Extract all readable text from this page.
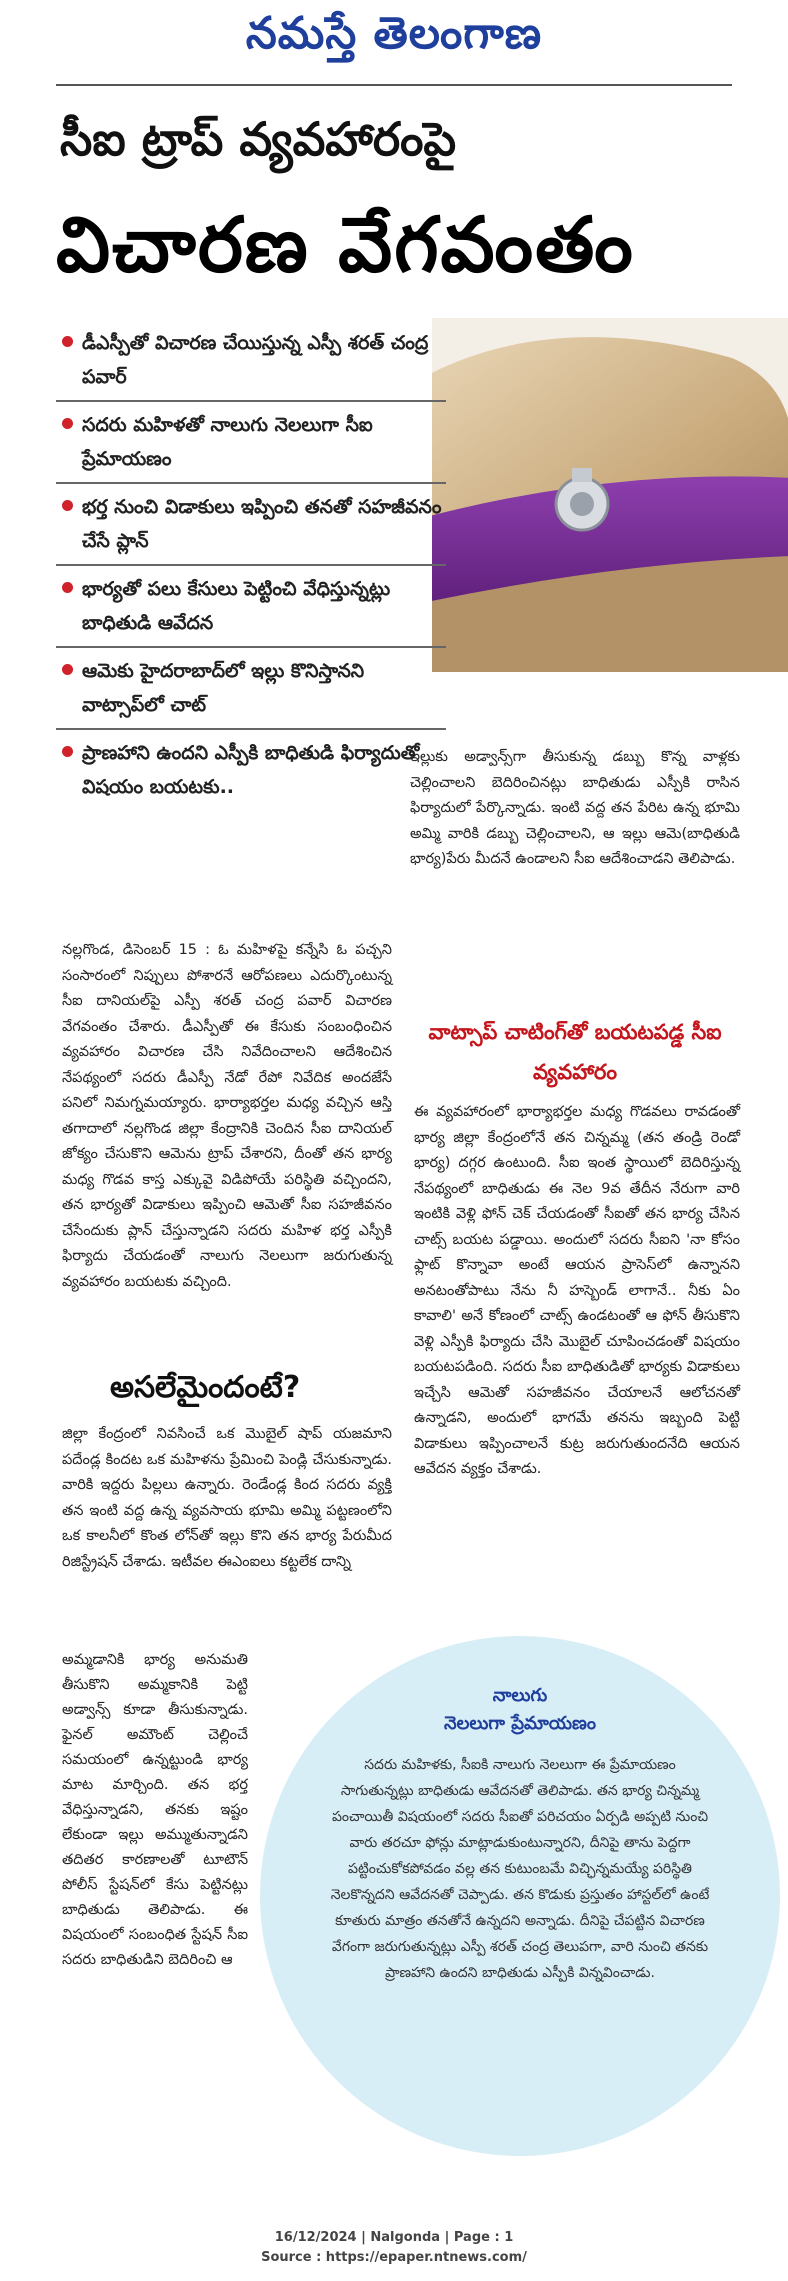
నమస్తే తెలంగాణ
సీఐ ట్రాప్ వ్యవహారంపై
విచారణ వేగవంతం

డీఎస్పీతో విచారణ చేయిస్తున్న ఎస్పీ శరత్ చంద్ర పవార్

సదరు మహిళతో నాలుగు నెలలుగా సీఐ ప్రేమాయణం

భర్త నుంచి విడాకులు ఇప్పించి తనతో సహజీవనం చేసే ప్లాన్

భార్యతో పలు కేసులు పెట్టించి వేధిస్తున్నట్లు బాధితుడి ఆవేదన

ఆమెకు హైదరాబాద్‌లో ఇల్లు కొనిస్తానని వాట్సాప్‌లో చాట్

ప్రాణహాని ఉందని ఎస్పీకి బాధితుడి ఫిర్యాదుతో విషయం బయటకు..

ఇల్లుకు అడ్వాన్స్‌గా తీసుకున్న డబ్బు కొన్న వాళ్లకు చెల్లించాలని బెదిరించినట్లు బాధితుడు ఎస్పీకి రాసిన ఫిర్యాదులో పేర్కొన్నాడు. ఇంటి వద్ద తన పేరిట ఉన్న భూమి అమ్మి వారికి డబ్బు చెల్లించాలని, ఆ ఇల్లు ఆమె(బాధితుడి భార్య)పేరు మీదనే ఉండాలని సీఐ ఆదేశించాడని తెలిపాడు.
వాట్సాప్ చాటింగ్‌తో బయటపడ్డ సీఐ వ్యవహారం
ఈ వ్యవహారంలో భార్యాభర్తల మధ్య గొడవలు రావడంతో భార్య జిల్లా కేంద్రంలోనే తన చిన్నమ్మ (తన తండ్రి రెండో భార్య) దగ్గర ఉంటుంది. సీఐ ఇంత స్థాయిలో బెదిరిస్తున్న నేపథ్యంలో బాధితుడు ఈ నెల 9వ తేదీన నేరుగా వారి ఇంటికి వెళ్లి ఫోన్ చెక్ చేయడంతో సీఐతో తన భార్య చేసిన చాట్స్ బయట పడ్డాయి. అందులో సదరు సీఐని 'నా కోసం ఫ్లాట్ కొన్నావా అంటే ఆయన ప్రాసెస్‌లో ఉన్నానని అనటంతోపాటు నేను నీ హస్బెండ్ లాగానే.. నీకు ఏం కావాలి' అనే కోణంలో చాట్స్ ఉండటంతో ఆ ఫోన్ తీసుకొని వెళ్లి ఎస్పీకి ఫిర్యాదు చేసి మొబైల్ చూపించడంతో విషయం బయటపడింది. సదరు సీఐ బాధితుడితో భార్యకు విడాకులు ఇచ్చేసి ఆమెతో సహజీవనం చేయాలనే ఆలోచనతో ఉన్నాడని, అందులో భాగమే తనను ఇబ్బంది పెట్టి విడాకులు ఇప్పించాలనే కుట్ర జరుగుతుందనేది ఆయన ఆవేదన వ్యక్తం చేశాడు.
నల్లగొండ, డిసెంబర్ 15 : ఓ మహిళపై కన్నేసి ఓ పచ్చని సంసారంలో నిప్పులు పోశారనే ఆరోపణలు ఎదుర్కొంటున్న సీఐ దానియల్‌పై ఎస్పీ శరత్ చంద్ర పవార్ విచారణ వేగవంతం చేశారు. డీఎస్పీతో ఈ కేసుకు సంబంధించిన వ్యవహారం విచారణ చేసి నివేదించాలని ఆదేశించిన నేపథ్యంలో సదరు డీఎస్పీ నేడో రేపో నివేదిక అందజేసే పనిలో నిమగ్నమయ్యారు. భార్యాభర్తల మధ్య వచ్చిన ఆస్తి తగాదాలో నల్లగొండ జిల్లా కేంద్రానికి చెందిన సీఐ దానియల్ జోక్యం చేసుకొని ఆమెను ట్రాప్ చేశారని, దీంతో తన భార్య మధ్య గొడవ కాస్త ఎక్కువై విడిపోయే పరిస్థితి వచ్చిందని, తన భార్యతో విడాకులు ఇప్పించి ఆమెతో సీఐ సహజీవనం చేసేందుకు ప్లాన్ చేస్తున్నాడని సదరు మహిళ భర్త ఎస్పీకి ఫిర్యాదు చేయడంతో నాలుగు నెలలుగా జరుగుతున్న వ్యవహారం బయటకు వచ్చింది.
అసలేమైందంటే?
జిల్లా కేంద్రంలో నివసించే ఒక మొబైల్ షాప్ యజమాని పదేండ్ల కిందట ఒక మహిళను ప్రేమించి పెండ్లి చేసుకున్నాడు. వారికి ఇద్దరు పిల్లలు ఉన్నారు. రెండేండ్ల కింద సదరు వ్యక్తి తన ఇంటి వద్ద ఉన్న వ్యవసాయ భూమి అమ్మి పట్టణంలోని ఒక కాలనీలో కొంత లోన్‌తో ఇల్లు కొని తన భార్య పేరుమీద రిజిస్ట్రేషన్ చేశాడు. ఇటీవల ఈఎంఐలు కట్టలేక దాన్ని
అమ్మడానికి భార్య అనుమతి తీసుకొని అమ్మకానికి పెట్టి అడ్వాన్స్ కూడా తీసుకున్నాడు. ఫైనల్ అమౌంట్ చెల్లించే సమయంలో ఉన్నట్టుండి భార్య మాట మార్చింది. తన భర్త వేధిస్తున్నాడని, తనకు ఇష్టం లేకుండా ఇల్లు అమ్ముతున్నాడని తదితర కారణాలతో టూటౌన్ పోలీస్ స్టేషన్‌లో కేసు పెట్టినట్లు బాధితుడు తెలిపాడు. ఈ విషయంలో సంబంధిత స్టేషన్ సీఐ సదరు బాధితుడిని బెదిరించి ఆ
నాలుగు
నెలలుగా ప్రేమాయణం
సదరు మహిళకు, సీఐకి నాలుగు నెలలుగా ఈ ప్రేమాయణం సాగుతున్నట్లు బాధితుడు ఆవేదనతో తెలిపాడు. తన భార్య చిన్నమ్మ పంచాయితీ విషయంలో సదరు సీఐతో పరిచయం ఏర్పడి అప్పటి నుంచి వారు తరచూ ఫోన్లు మాట్లాడుకుంటున్నారని, దీనిపై తాను పెద్దగా పట్టించుకోకపోవడం వల్ల తన కుటుంబమే విచ్ఛిన్నమయ్యే పరిస్థితి నెలకొన్నదని ఆవేదనతో చెప్పాడు. తన కొడుకు ప్రస్తుతం హాస్టల్‌లో ఉంటే కూతురు మాత్రం తనతోనే ఉన్నదని అన్నాడు. దీనిపై చేపట్టిన విచారణ వేగంగా జరుగుతున్నట్లు ఎస్పీ శరత్ చంద్ర తెలుపగా, వారి నుంచి తనకు ప్రాణహాని ఉందని బాధితుడు ఎస్పీకి విన్నవించాడు.
16/12/2024 | Nalgonda | Page : 1
Source : https://epaper.ntnews.com/
